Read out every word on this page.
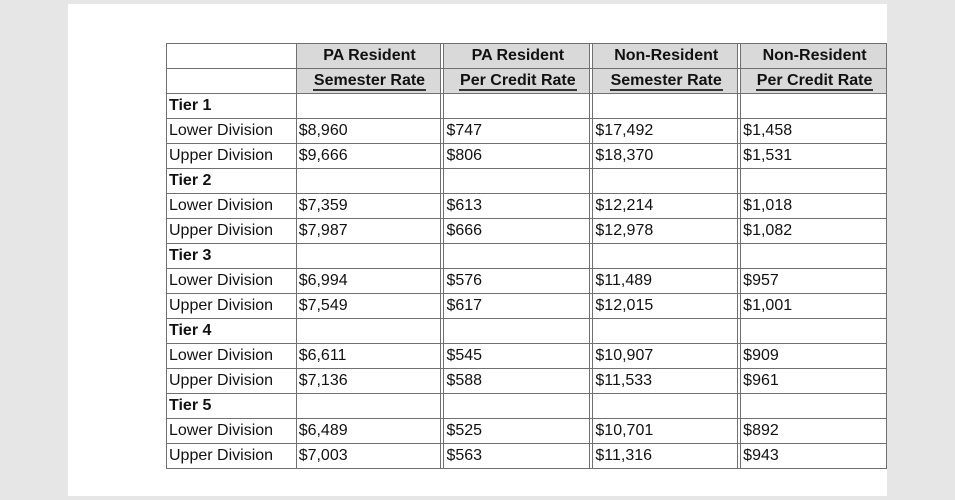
	PA Resident		PA Resident		Non-Resident		Non-Resident
	Semester Rate		Per Credit Rate		Semester Rate		Per Credit Rate
Tier 1							
Lower Division	$8,960		$747		$17,492		$1,458
Upper Division	$9,666		$806		$18,370		$1,531
Tier 2							
Lower Division	$7,359		$613		$12,214		$1,018
Upper Division	$7,987		$666		$12,978		$1,082
Tier 3							
Lower Division	$6,994		$576		$11,489		$957
Upper Division	$7,549		$617		$12,015		$1,001
Tier 4							
Lower Division	$6,611		$545		$10,907		$909
Upper Division	$7,136		$588		$11,533		$961
Tier 5							
Lower Division	$6,489		$525		$10,701		$892
Upper Division	$7,003		$563		$11,316		$943
